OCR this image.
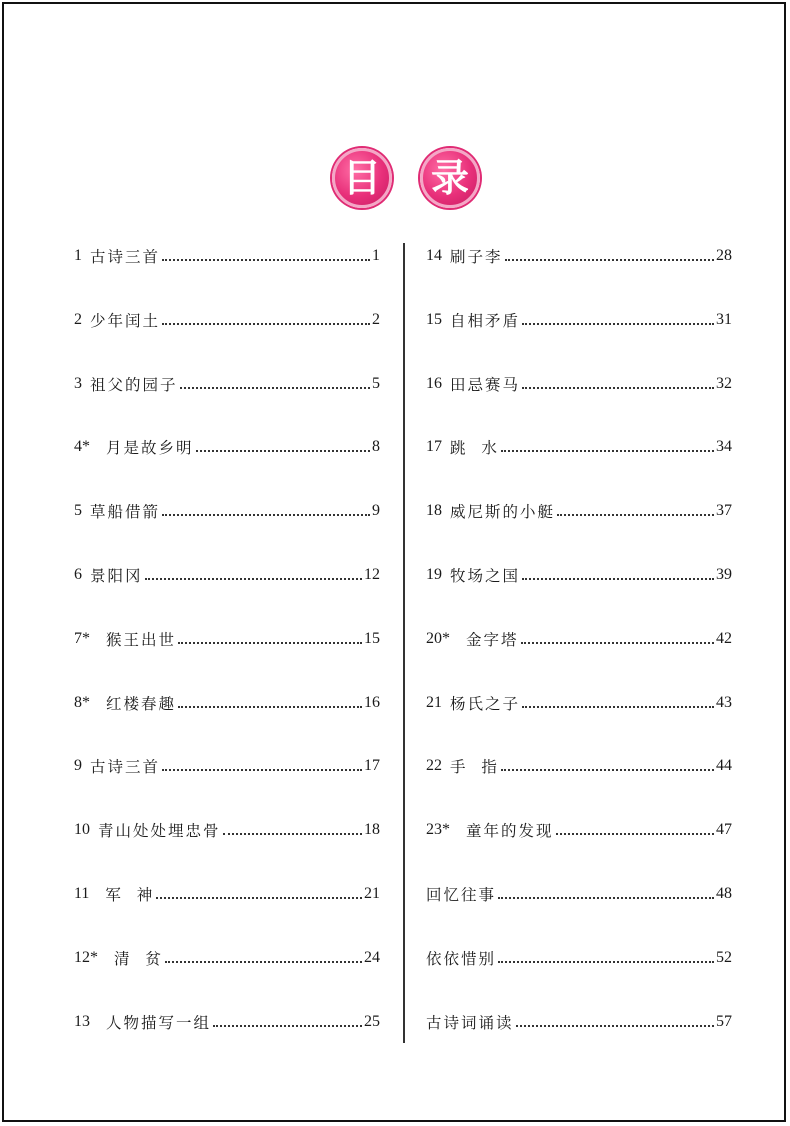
目 录
1 古诗三首	1
2 少年闰土	2
3 祖父的园子	5
4* 月是故乡明	8
5 草船借箭	9
6 景阳冈	12
7* 猴王出世	15
8* 红楼春趣	16
9 古诗三首	17
10 青山处处埋忠骨	18
11 军  神	21
12* 清  贫	24
13 人物描写一组	25
14 刷子李	28
15 自相矛盾	31
16 田忌赛马	32
17 跳  水	34
18 威尼斯的小艇	37
19 牧场之国	39
20* 金字塔	42
21 杨氏之子	43
22 手  指	44
23* 童年的发现	47
回忆往事	48
依依惜别	52
古诗词诵读	57
